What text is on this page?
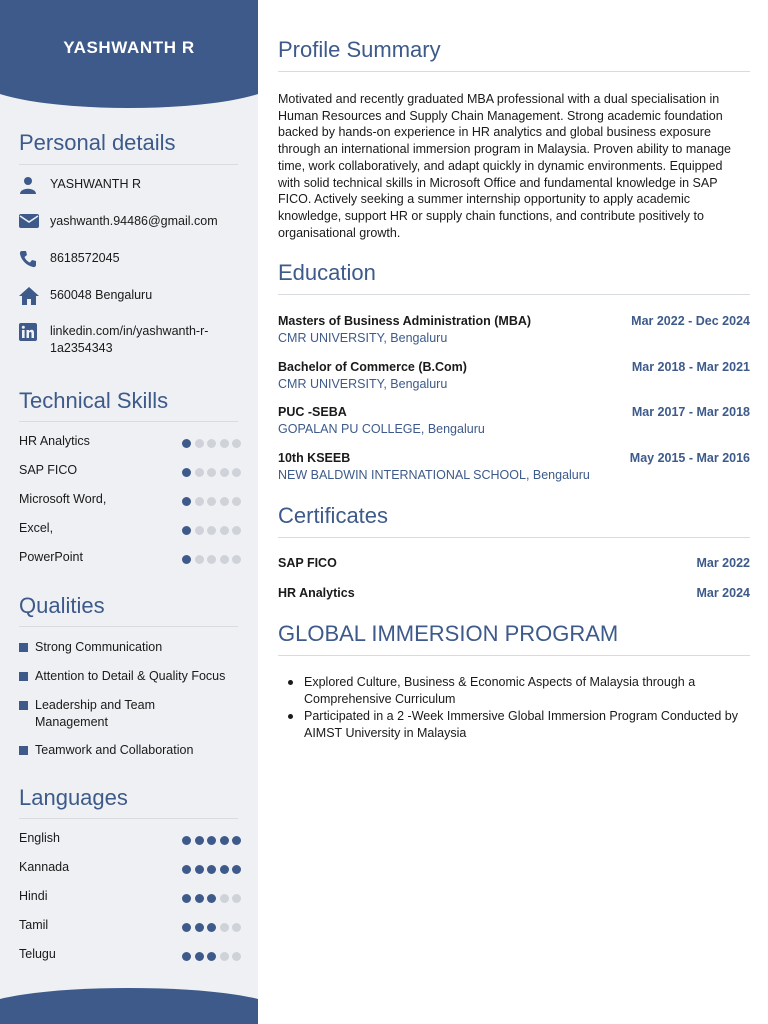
YASHWANTH R
Personal details
YASHWANTH R
yashwanth.94486@gmail.com
8618572045
560048 Bengaluru
linkedin.com/in/yashwanth-r-1a2354343
Technical Skills
HR Analytics
SAP FICO
Microsoft Word,
Excel,
PowerPoint
Qualities
Strong Communication
Attention to Detail & Quality Focus
Leadership and Team Management
Teamwork and Collaboration
Languages
English
Kannada
Hindi
Tamil
Telugu
Profile Summary
Motivated and recently graduated MBA professional with a dual specialisation in Human Resources and Supply Chain Management. Strong academic foundation backed by hands-on experience in HR analytics and global business exposure through an international immersion program in Malaysia. Proven ability to manage time, work collaboratively, and adapt quickly in dynamic environments. Equipped with solid technical skills in Microsoft Office and fundamental knowledge in SAP FICO. Actively seeking a summer internship opportunity to apply academic knowledge, support HR or supply chain functions, and contribute positively to organisational growth.
Education
Masters of Business Administration (MBA)
CMR UNIVERSITY, Bengaluru
Mar 2022 - Dec 2024
Bachelor of Commerce (B.Com)
CMR UNIVERSITY, Bengaluru
Mar 2018 - Mar 2021
PUC -SEBA
GOPALAN PU COLLEGE, Bengaluru
Mar 2017 - Mar 2018
10th KSEEB
NEW BALDWIN INTERNATIONAL SCHOOL, Bengaluru
May 2015 - Mar 2016
Certificates
SAP FICO	Mar 2022
HR Analytics	Mar 2024
GLOBAL IMMERSION PROGRAM
Explored Culture, Business & Economic Aspects of Malaysia through a Comprehensive Curriculum
Participated in a 2 -Week Immersive Global Immersion Program Conducted by AIMST University in Malaysia
